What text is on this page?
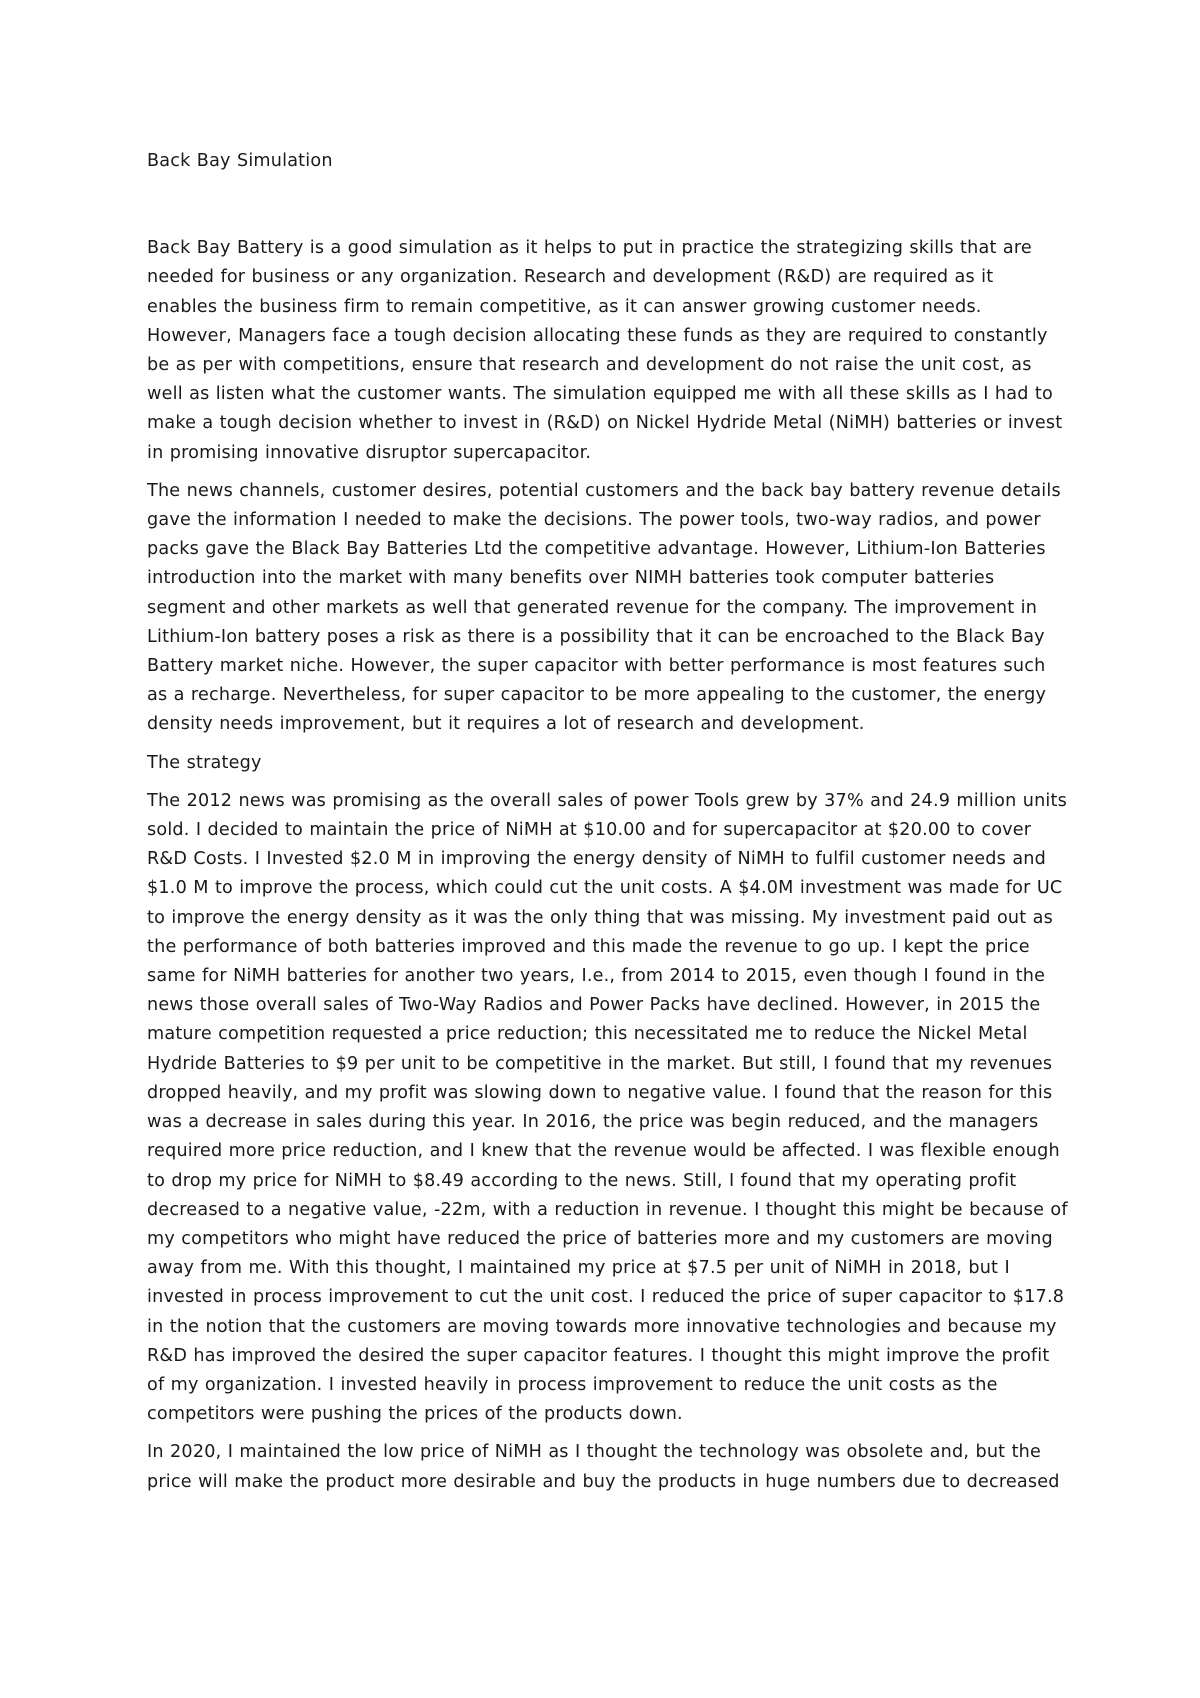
Back Bay Simulation

Back Bay Battery is a good simulation as it helps to put in practice the strategizing skills that are needed for business or any organization. Research and development (R&D) are required as it enables the business firm to remain competitive, as it can answer growing customer needs. However, Managers face a tough decision allocating these funds as they are required to constantly be as per with competitions, ensure that research and development do not raise the unit cost, as well as listen what the customer wants. The simulation equipped me with all these skills as I had to make a tough decision whether to invest in (R&D) on Nickel Hydride Metal (NiMH) batteries or invest in promising innovative disruptor supercapacitor.

The news channels, customer desires, potential customers and the back bay battery revenue details gave the information I needed to make the decisions. The power tools, two-way radios, and power packs gave the Black Bay Batteries Ltd the competitive advantage. However, Lithium-Ion Batteries introduction into the market with many benefits over NIMH batteries took computer batteries segment and other markets as well that generated revenue for the company. The improvement in Lithium-Ion battery poses a risk as there is a possibility that it can be encroached to the Black Bay Battery market niche. However, the super capacitor with better performance is most features such as a recharge. Nevertheless, for super capacitor to be more appealing to the customer, the energy density needs improvement, but it requires a lot of research and development.

The strategy

The 2012 news was promising as the overall sales of power Tools grew by 37% and 24.9 million units sold. I decided to maintain the price of NiMH at $10.00 and for supercapacitor at $20.00 to cover R&D Costs. I Invested $2.0 M in improving the energy density of NiMH to fulfil customer needs and $1.0 M to improve the process, which could cut the unit costs. A $4.0M investment was made for UC to improve the energy density as it was the only thing that was missing. My investment paid out as the performance of both batteries improved and this made the revenue to go up. I kept the price same for NiMH batteries for another two years, I.e., from 2014 to 2015, even though I found in the news those overall sales of Two-Way Radios and Power Packs have declined. However, in 2015 the mature competition requested a price reduction; this necessitated me to reduce the Nickel Metal Hydride Batteries to $9 per unit to be competitive in the market. But still, I found that my revenues dropped heavily, and my profit was slowing down to negative value. I found that the reason for this was a decrease in sales during this year. In 2016, the price was begin reduced, and the managers required more price reduction, and I knew that the revenue would be affected. I was flexible enough to drop my price for NiMH to $8.49 according to the news. Still, I found that my operating profit decreased to a negative value, -22m, with a reduction in revenue. I thought this might be because of my competitors who might have reduced the price of batteries more and my customers are moving away from me. With this thought, I maintained my price at $7.5 per unit of NiMH in 2018, but I invested in process improvement to cut the unit cost. I reduced the price of super capacitor to $17.8 in the notion that the customers are moving towards more innovative technologies and because my R&D has improved the desired the super capacitor features. I thought this might improve the profit of my organization. I invested heavily in process improvement to reduce the unit costs as the competitors were pushing the prices of the products down.

In 2020, I maintained the low price of NiMH as I thought the technology was obsolete and, but the price will make the product more desirable and buy the products in huge numbers due to decreased
